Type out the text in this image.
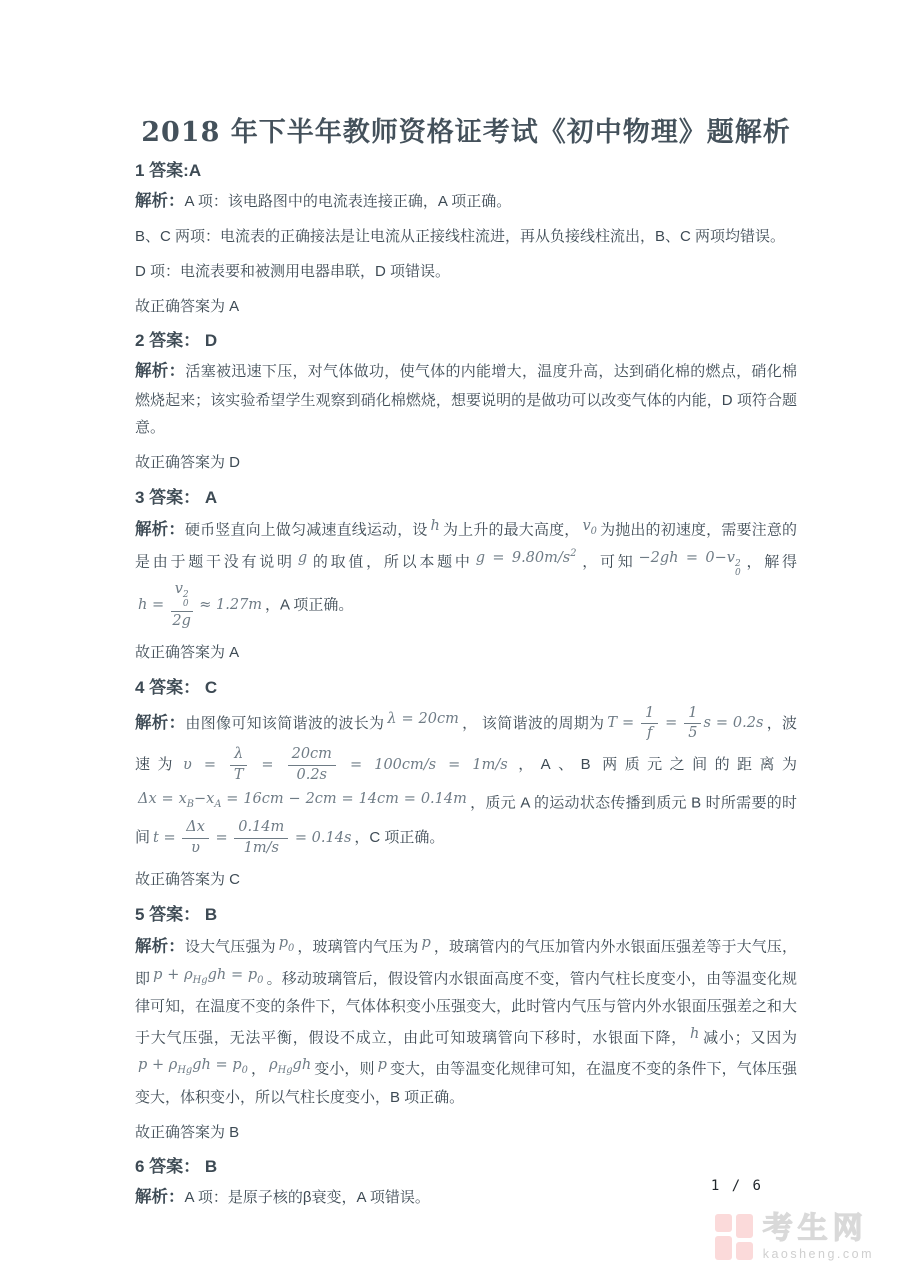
2018 年下半年教师资格证考试《初中物理》题解析
1 答案:A

解析：A 项：该电路图中的电流表连接正确，A 项正确。

B、C 两项：电流表的正确接法是让电流从正接线柱流进，再从负接线柱流出，B、C 两项均错误。

D 项：电流表要和被测用电器串联，D 项错误。

故正确答案为 A

2 答案： D

解析：活塞被迅速下压，对气体做功，使气体的内能增大，温度升高，达到硝化棉的燃点，硝化棉燃烧起来；该实验希望学生观察到硝化棉燃烧，想要说明的是做功可以改变气体的内能，D 项符合题意。

故正确答案为 D

3 答案： A

解析：硬币竖直向上做匀减速直线运动，设 h 为上升的最大高度， $v_0$ 为抛出的初速度，需要注意的是由于题干没有说明 g 的取值，所以本题中 $g = 9.80m/s^2$ ，可知 −2gh = 0−v 2
0
，解得h = v 2
0
2g ≈ 1.27m ，A 项正确。

故正确答案为 A

4 答案： C

解析：由图像可知该简谐波的波长为 λ = 20cm ， 该简谐波的周期为 $T = \frac{1}{f} = \frac{1}{5}$ s = 0.2s ，波速为 $\upsilon = \frac{\lambda}{T} = \frac{20cm}{0.2s} = 100cm/s = 1m/s$ ，A、B 两质元之间的距离为$\Delta x = x_B-x_A = 16cm - 2cm = 14cm = 0.14m$ ，质元 A 的运动状态传播到质元 B 时所需要的时间 $t = \frac{\Delta x}{\upsilon} = \frac{0.14m}{1m/s} = 0.14s$ ，C 项正确。

故正确答案为 C

5 答案： B

解析：设大气压强为 $p_0$ ，玻璃管内气压为 p ，玻璃管内的气压加管内外水银面压强差等于大气压，即 $p + \rho_{Hg}gh = p_0$ 。移动玻璃管后，假设管内水银面高度不变，管内气柱长度变小，由等温变化规律可知，在温度不变的条件下，气体体积变小压强变大，此时管内气压与管内外水银面压强差之和大于大气压强，无法平衡，假设不成立，由此可知玻璃管向下移时，水银面下降， h 减小；又因为$p + \rho_{Hg}gh = p_0$ ， $\rho_{Hg}gh$ 变小，则 p 变大，由等温变化规律可知，在温度不变的条件下，气体压强变大，体积变小，所以气柱长度变小，B 项正确。

故正确答案为 B

6 答案： B

解析：A 项：是原子核的β衰变，A 项错误。

1 / 6
考生网
kaosheng.com
